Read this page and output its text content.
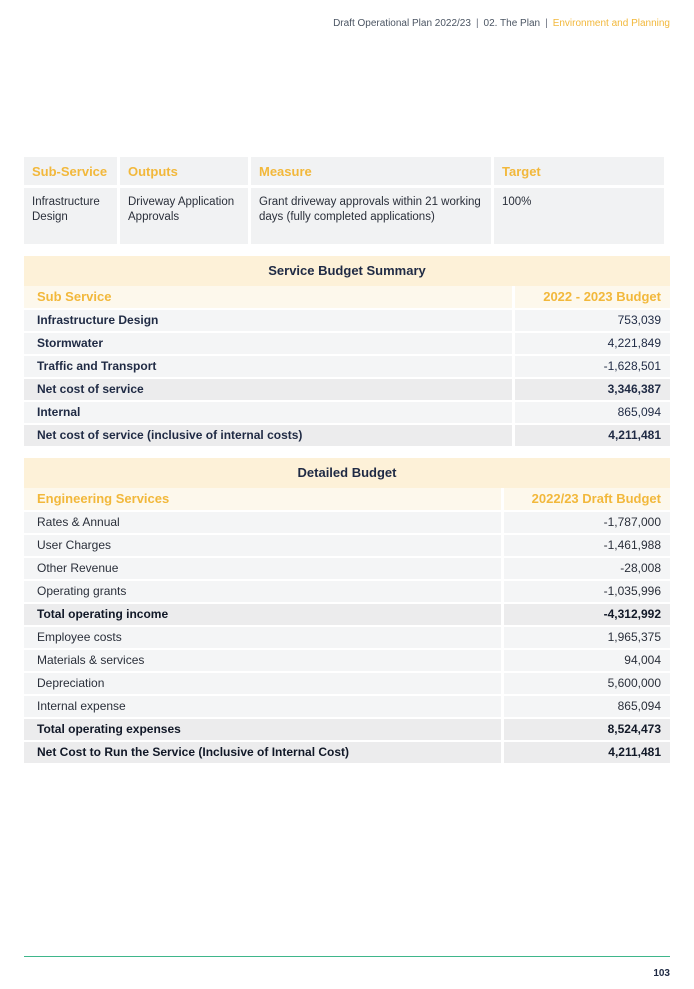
Draft Operational Plan 2022/23 | 02. The Plan | Environment and Planning
Sub-Service	Outputs	Measure	Target
Infrastructure Design	Driveway Application Approvals	Grant driveway approvals within 21 working days (fully completed applications)	100%
Service Budget Summary
Sub Service	2022 - 2023 Budget
Infrastructure Design	753,039
Stormwater	4,221,849
Traffic and Transport	-1,628,501
Net cost of service	3,346,387
Internal	865,094
Net cost of service (inclusive of internal costs)	4,211,481
Detailed Budget
Engineering Services	2022/23 Draft Budget
Rates & Annual	-1,787,000
User Charges	-1,461,988
Other Revenue	-28,008
Operating grants	-1,035,996
Total operating income	-4,312,992
Employee costs	1,965,375
Materials & services	94,004
Depreciation	5,600,000
Internal expense	865,094
Total operating expenses	8,524,473
Net Cost to Run the Service (Inclusive of Internal Cost)	4,211,481
103
